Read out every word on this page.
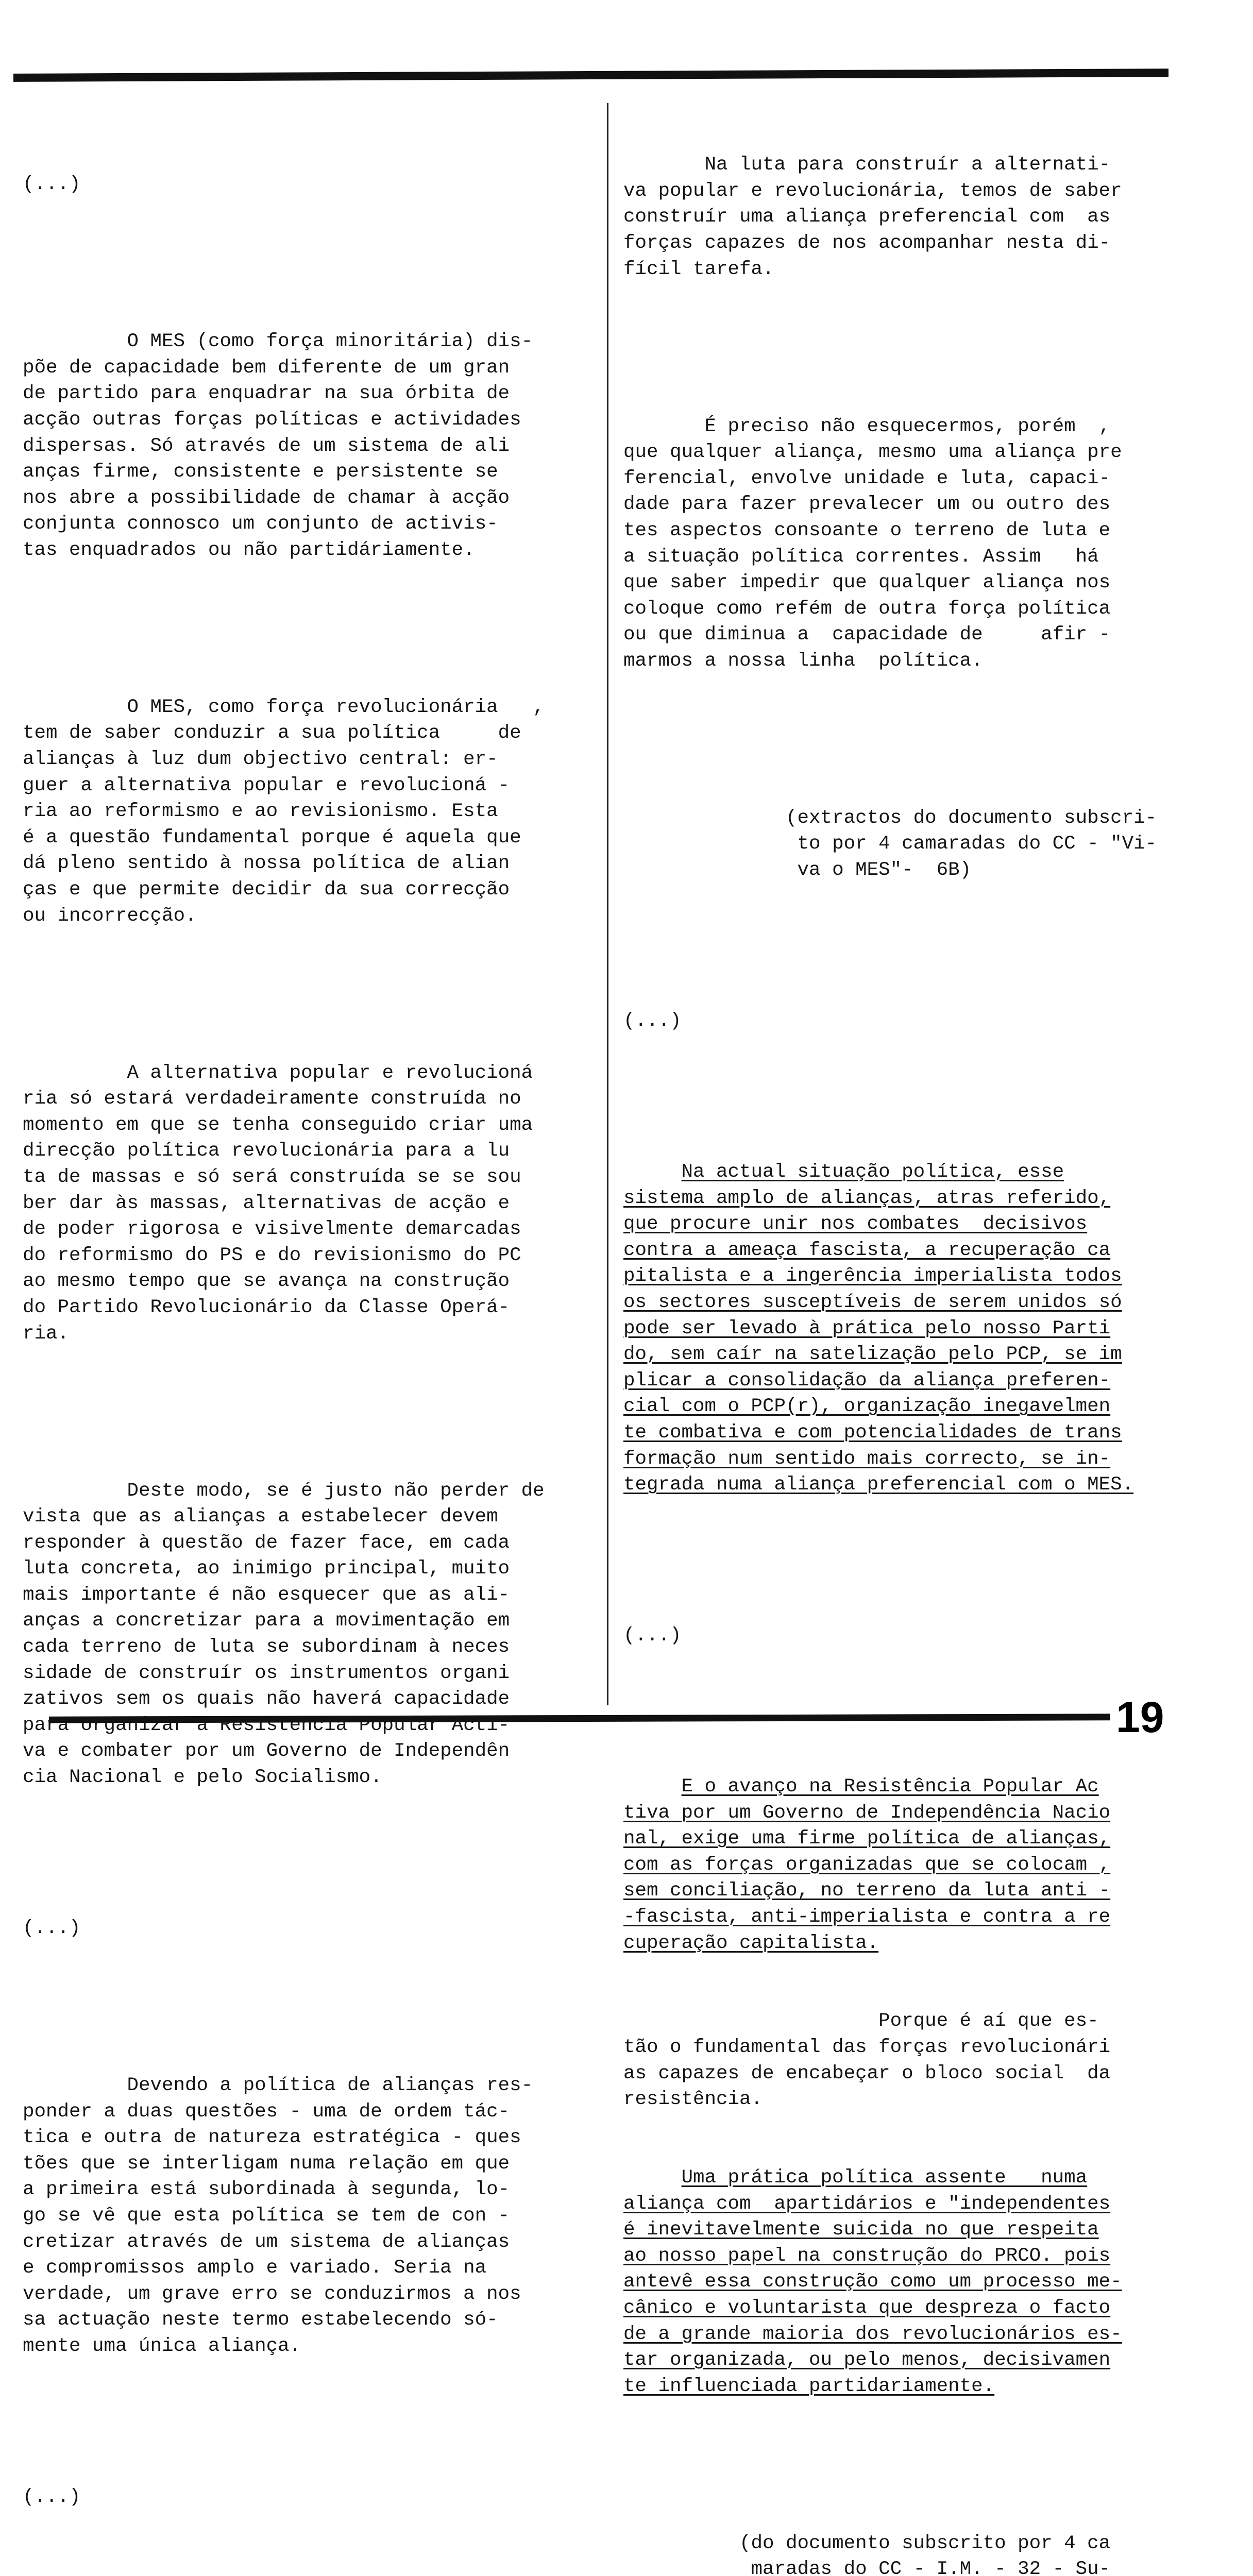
(...)

O MES (como força minoritária) dis-
põe de capacidade bem diferente de um gran
de partido para enquadrar na sua órbita de
acção outras forças políticas e actividades
dispersas. Só através de um sistema de ali
anças firme, consistente e persistente se
nos abre a possibilidade de chamar à acção
conjunta connosco um conjunto de activis-
tas enquadrados ou não partidáriamente.

O MES, como força revolucionária   ,
tem de saber conduzir a sua política     de
alianças à luz dum objectivo central: er-
guer a alternativa popular e revolucioná -
ria ao reformismo e ao revisionismo. Esta
é a questão fundamental porque é aquela que
dá pleno sentido à nossa política de alian
ças e que permite decidir da sua correcção
ou incorrecção.

A alternativa popular e revolucioná
ria só estará verdadeiramente construída no
momento em que se tenha conseguido criar uma
direcção política revolucionária para a lu
ta de massas e só será construída se se sou
ber dar às massas, alternativas de acção e
de poder rigorosa e visivelmente demarcadas
do reformismo do PS e do revisionismo do PC
ao mesmo tempo que se avança na construção
do Partido Revolucionário da Classe Operá-
ria.

Deste modo, se é justo não perder de
vista que as alianças a estabelecer devem
responder à questão de fazer face, em cada
luta concreta, ao inimigo principal, muito
mais importante é não esquecer que as ali-
anças a concretizar para a movimentação em
cada terreno de luta se subordinam à neces
sidade de construír os instrumentos organi
zativos sem os quais não haverá capacidade
para organizar a Resistência Popular Acti-
va e combater por um Governo de Independên
cia Nacional e pelo Socialismo.

(...)

Devendo a política de alianças res-
ponder a duas questões - uma de ordem tác-
tica e outra de natureza estratégica - ques
tões que se interligam numa relação em que
a primeira está subordinada à segunda, lo-
go se vê que esta política se tem de con -
cretizar através de um sistema de alianças
e compromissos amplo e variado. Seria na
verdade, um grave erro se conduzirmos a nos
sa actuação neste termo estabelecendo só-
mente uma única aliança.

(...)

Na luta para construír a alternati-
va popular e revolucionária, temos de saber
construír uma aliança preferencial com  as
forças capazes de nos acompanhar nesta di-
fícil tarefa.

É preciso não esquecermos, porém  ,
que qualquer aliança, mesmo uma aliança pre
ferencial, envolve unidade e luta, capaci-
dade para fazer prevalecer um ou outro des
tes aspectos consoante o terreno de luta e
a situação política correntes. Assim   há
que saber impedir que qualquer aliança nos
coloque como refém de outra força política
ou que diminua a  capacidade de     afir -
marmos a nossa linha  política.

(extractos do documento subscri-
to por 4 camaradas do CC - "Vi-
va o MES"-  6B)

(...)

Na actual situação política, esse
sistema amplo de alianças, atras referido,
que procure unir nos combates  decisivos
contra a ameaça fascista, a recuperação ca
pitalista e a ingerência imperialista todos
os sectores susceptíveis de serem unidos só
pode ser levado à prática pelo nosso Parti
do, sem caír na satelização pelo PCP, se im
plicar a consolidação da aliança preferen-
cial com o PCP(r), organização inegavelmen
te combativa e com potencialidades de trans
formação num sentido mais correcto, se in-
tegrada numa aliança preferencial com o MES.

(...)

E o avanço na Resistência Popular Ac
tiva por um Governo de Independência Nacio
nal, exige uma firme política de alianças,
com as forças organizadas que se colocam ,
sem conciliação, no terreno da luta anti -
-fascista, anti-imperialista e contra a re
cuperação capitalista.

Porque é aí que es-
tão o fundamental das forças revolucionári
as capazes de encabeçar o bloco social  da
resistência.

Uma prática política assente   numa
aliança com  apartidários e "independentes
é inevitavelmente suicida no que respeita
ao nosso papel na construção do PRCO. pois
antevê essa construção como um processo me-
cânico e voluntarista que despreza o facto
de a grande maioria dos revolucionários es-
tar organizada, ou pelo menos, decisivamen
te influenciada partidariamente.

(do documento subscrito por 4 ca
maradas do CC - I.M. - 32 - Su-

19
